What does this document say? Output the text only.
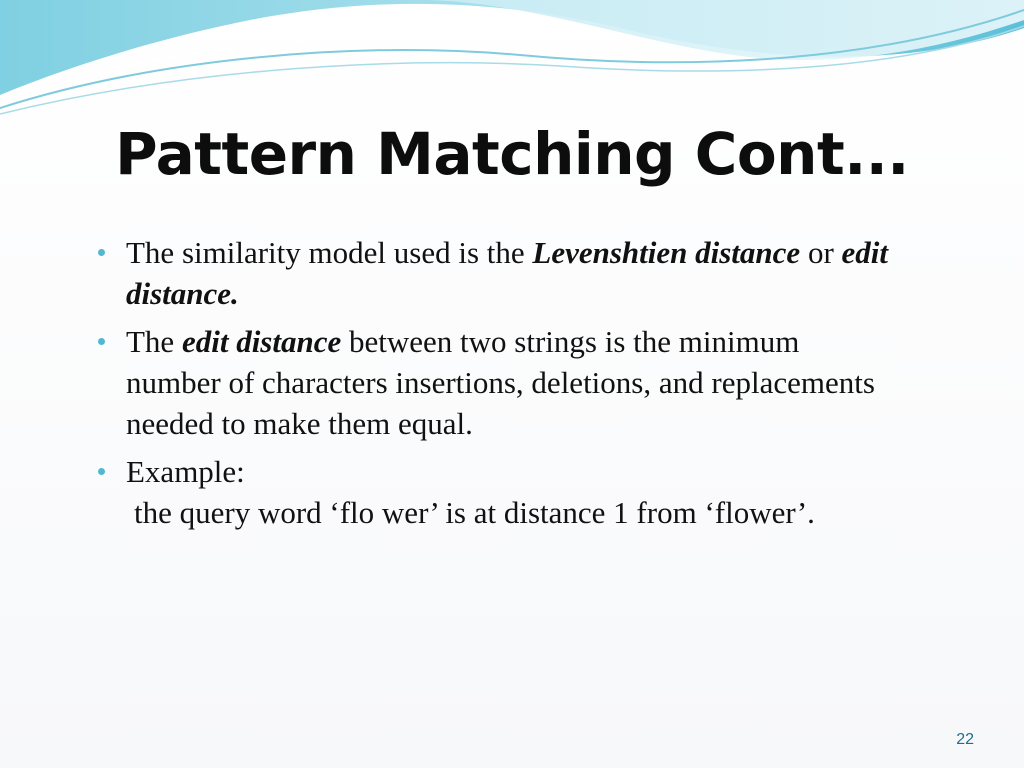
Pattern Matching Cont...
The similarity model used is the Levenshtien distance or edit distance.
The edit distance between two strings is the minimum number of characters insertions, deletions, and replacements needed to make them equal.
Example:
the query word ‘flo wer’ is at distance 1 from ‘flower’.
22
